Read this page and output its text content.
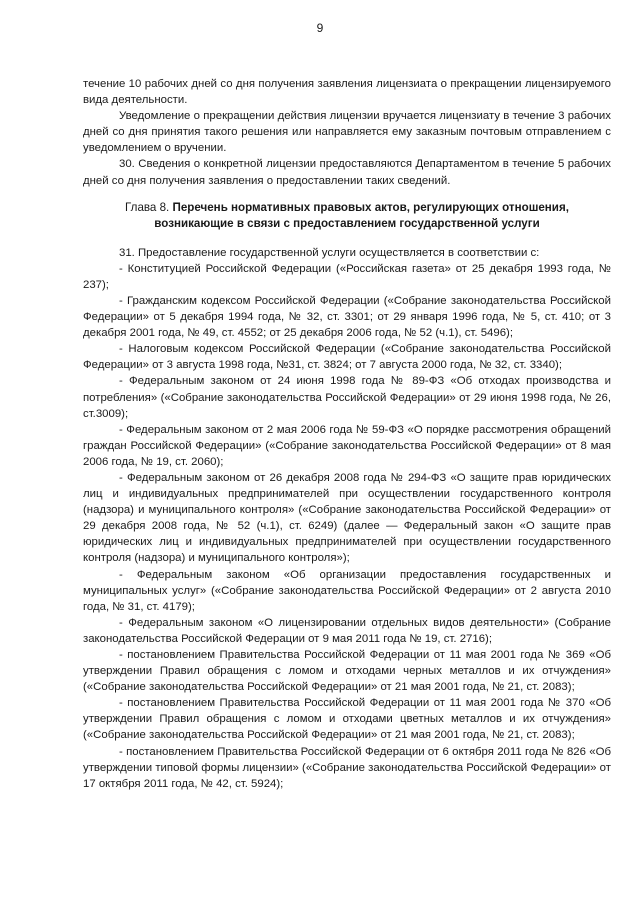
9

течение 10 рабочих дней со дня получения заявления лицензиата о прекращении лицензируемого вида деятельности.

Уведомление о прекращении действия лицензии вручается лицензиату в течение 3 рабочих дней со дня принятия такого решения или направляется ему заказным почтовым отправлением с уведомлением о вручении.

30. Сведения о конкретной лицензии предоставляются Департаментом в течение 5 рабочих дней со дня получения заявления о предоставлении таких сведений.

Глава 8. Перечень нормативных правовых актов, регулирующих отношения,
возникающие в связи с предоставлением государственной услуги

31. Предоставление государственной услуги осуществляется в соответствии с:

- Конституцией Российской Федерации («Российская газета» от 25 декабря 1993 года, № 237);

- Гражданским кодексом Российской Федерации («Собрание законодательства Российской Федерации» от 5 декабря 1994 года, № 32, ст. 3301; от 29 января 1996 года, № 5, ст. 410; от 3 декабря 2001 года, № 49, ст. 4552; от 25 декабря 2006 года, № 52 (ч.1), ст. 5496);

- Налоговым кодексом Российской Федерации («Собрание законодательства Российской Федерации» от 3 августа 1998 года, №31, ст. 3824; от 7 августа 2000 года, № 32, ст. 3340);

- Федеральным законом от 24 июня 1998 года № 89-ФЗ «Об отходах производства и потребления» («Собрание законодательства Российской Федерации» от 29 июня 1998 года, № 26, ст.3009);

- Федеральным законом от 2 мая 2006 года № 59-ФЗ «О порядке рассмотрения обращений граждан Российской Федерации» («Собрание законодательства Российской Федерации» от 8 мая 2006 года, № 19, ст. 2060);

- Федеральным законом от 26 декабря 2008 года № 294-ФЗ «О защите прав юридических лиц и индивидуальных предпринимателей при осуществлении государственного контроля (надзора) и муниципального контроля» («Собрание законодательства Российской Федерации» от 29 декабря 2008 года, № 52 (ч.1), ст. 6249) (далее — Федеральный закон «О защите прав юридических лиц и индивидуальных предпринимателей при осуществлении государственного контроля (надзора) и муниципального контроля»);

- Федеральным законом «Об организации предоставления государственных и муниципальных услуг» («Собрание законодательства Российской Федерации» от 2 августа 2010 года, № 31, ст. 4179);

- Федеральным законом «О лицензировании отдельных видов деятельности» (Собрание законодательства Российской Федерации от 9 мая 2011 года № 19, ст. 2716);

- постановлением Правительства Российской Федерации от 11 мая 2001 года № 369 «Об утверждении Правил обращения с ломом и отходами черных металлов и их отчуждения» («Собрание законодательства Российской Федерации» от 21 мая 2001 года, № 21, ст. 2083);

- постановлением Правительства Российской Федерации от 11 мая 2001 года № 370 «Об утверждении Правил обращения с ломом и отходами цветных металлов и их отчуждения» («Собрание законодательства Российской Федерации» от 21 мая 2001 года, № 21, ст. 2083);

- постановлением Правительства Российской Федерации от 6 октября 2011 года № 826 «Об утверждении типовой формы лицензии» («Собрание законодательства Российской Федерации» от 17 октября 2011 года, № 42, ст. 5924);
